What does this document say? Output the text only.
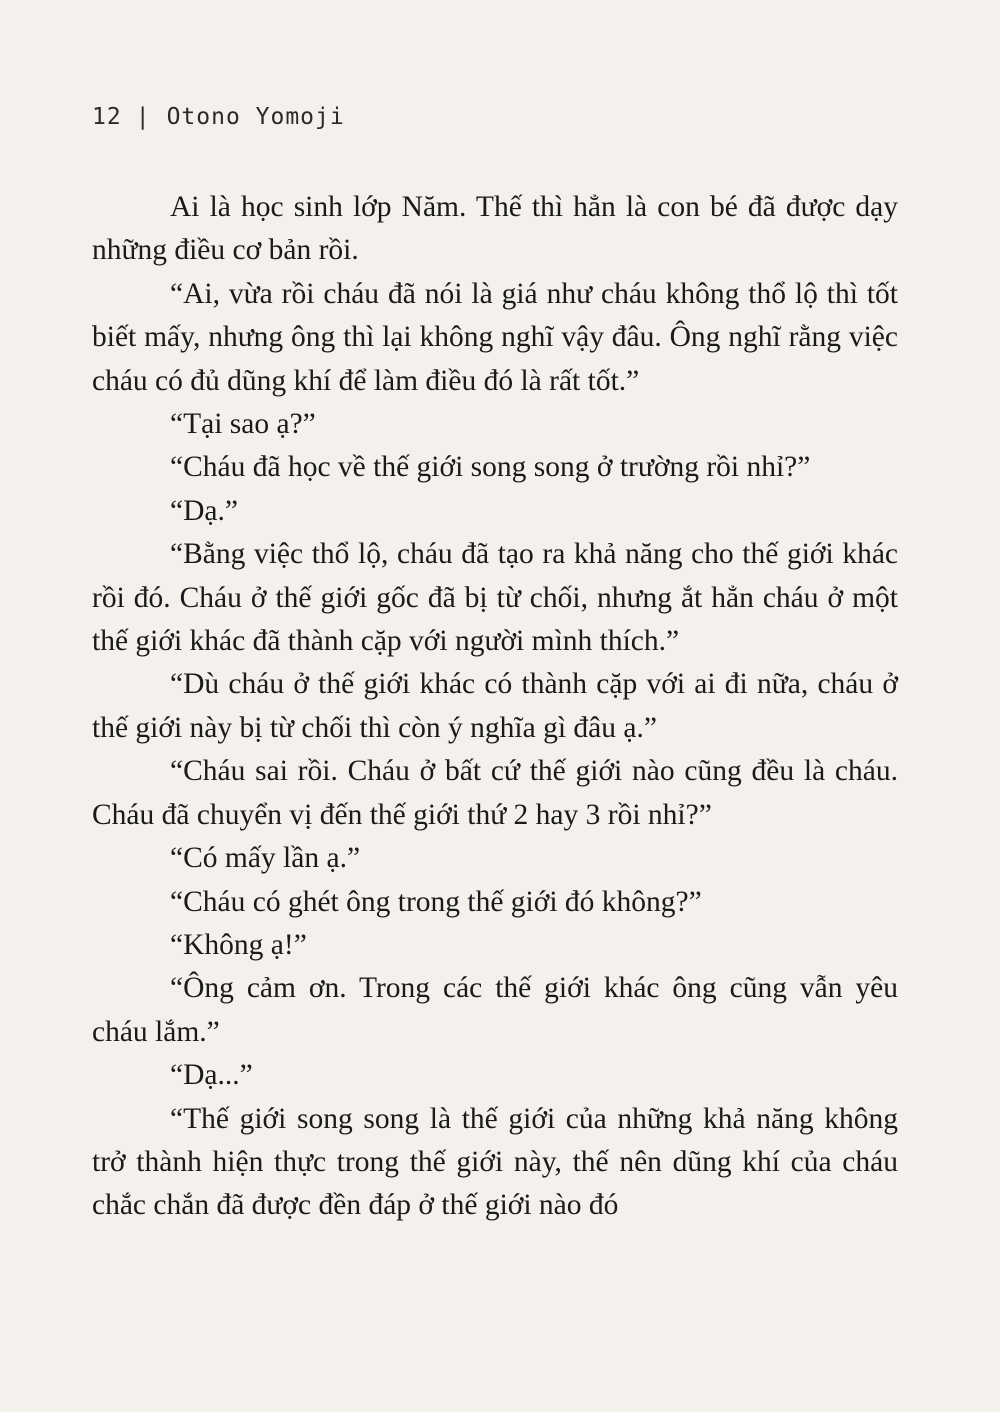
12 | Otono Yomoji

Ai là học sinh lớp Năm. Thế thì hẳn là con bé đã được dạy những điều cơ bản rồi.

“Ai, vừa rồi cháu đã nói là giá như cháu không thổ lộ thì tốt biết mấy, nhưng ông thì lại không nghĩ vậy đâu. Ông nghĩ rằng việc cháu có đủ dũng khí để làm điều đó là rất tốt.”

“Tại sao ạ?”

“Cháu đã học về thế giới song song ở trường rồi nhỉ?”

“Dạ.”

“Bằng việc thổ lộ, cháu đã tạo ra khả năng cho thế giới khác rồi đó. Cháu ở thế giới gốc đã bị từ chối, nhưng ắt hẳn cháu ở một thế giới khác đã thành cặp với người mình thích.”

“Dù cháu ở thế giới khác có thành cặp với ai đi nữa, cháu ở thế giới này bị từ chối thì còn ý nghĩa gì đâu ạ.”

“Cháu sai rồi. Cháu ở bất cứ thế giới nào cũng đều là cháu. Cháu đã chuyển vị đến thế giới thứ 2 hay 3 rồi nhỉ?”

“Có mấy lần ạ.”

“Cháu có ghét ông trong thế giới đó không?”

“Không ạ!”

“Ông cảm ơn. Trong các thế giới khác ông cũng vẫn yêu cháu lắm.”

“Dạ...”

“Thế giới song song là thế giới của những khả năng không trở thành hiện thực trong thế giới này, thế nên dũng khí của cháu chắc chắn đã được đền đáp ở thế giới nào đó
